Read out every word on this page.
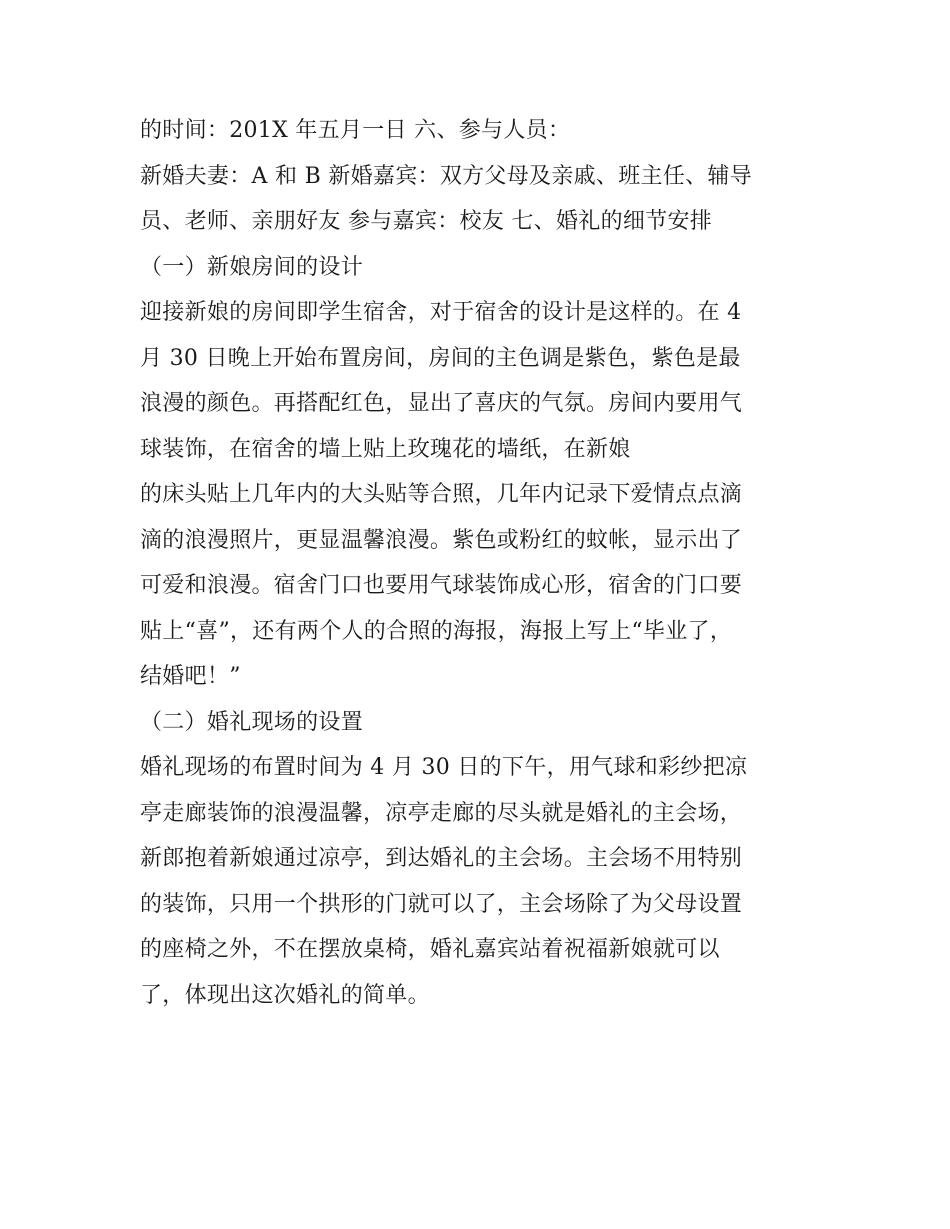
的时间：201X 年五月一日 六、参与人员：
新婚夫妻：A 和 B 新婚嘉宾：双方父母及亲戚、班主任、辅导
员、老师、亲朋好友 参与嘉宾：校友 七、婚礼的细节安排
（一）新娘房间的设计
迎接新娘的房间即学生宿舍，对于宿舍的设计是这样的。在 4
月 30 日晚上开始布置房间，房间的主色调是紫色，紫色是最
浪漫的颜色。再搭配红色，显出了喜庆的气氛。房间内要用气
球装饰，在宿舍的墙上贴上玫瑰花的墙纸，在新娘
的床头贴上几年内的大头贴等合照，几年内记录下爱情点点滴
滴的浪漫照片，更显温馨浪漫。紫色或粉红的蚊帐，显示出了
可爱和浪漫。宿舍门口也要用气球装饰成心形，宿舍的门口要
贴上“喜”，还有两个人的合照的海报，海报上写上“毕业了，
结婚吧！”
（二）婚礼现场的设置
婚礼现场的布置时间为 4 月 30 日的下午，用气球和彩纱把凉
亭走廊装饰的浪漫温馨，凉亭走廊的尽头就是婚礼的主会场，
新郎抱着新娘通过凉亭，到达婚礼的主会场。主会场不用特别
的装饰，只用一个拱形的门就可以了，主会场除了为父母设置
的座椅之外，不在摆放桌椅，婚礼嘉宾站着祝福新娘就可以
了，体现出这次婚礼的简单。
